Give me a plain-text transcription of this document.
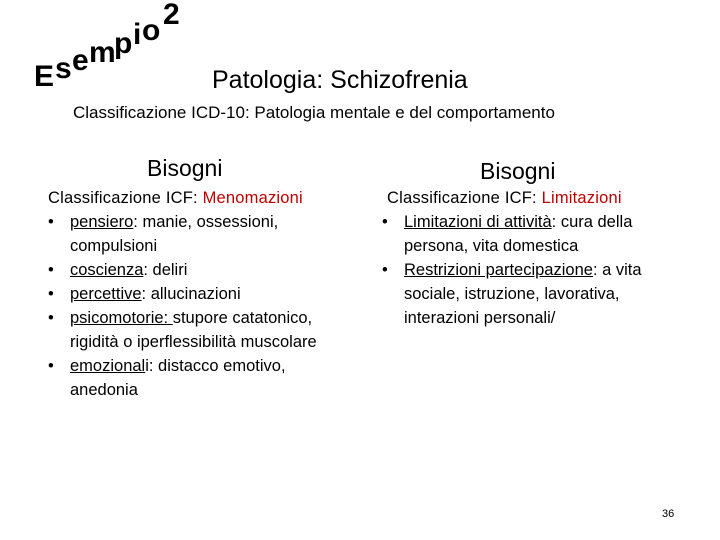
E s e m
p i o 2
Patologia: Schizofrenia
Classificazione ICD-10: Patologia mentale e del comportamento
Bisogni	Bisogni
Classificazione ICF: Menomazioni
• pensiero: manie, ossessioni, compulsioni
• coscienza: deliri
• percettive: allucinazioni
• psicomotorie: stupore catatonico, rigidità o iperflessibilità muscolare
• emozionali: distacco emotivo, anedonia
Classificazione ICF: Limitazioni
• Limitazioni di attività: cura della persona, vita domestica
• Restrizioni partecipazione: a vita sociale, istruzione, lavorativa, interazioni personali/
36
